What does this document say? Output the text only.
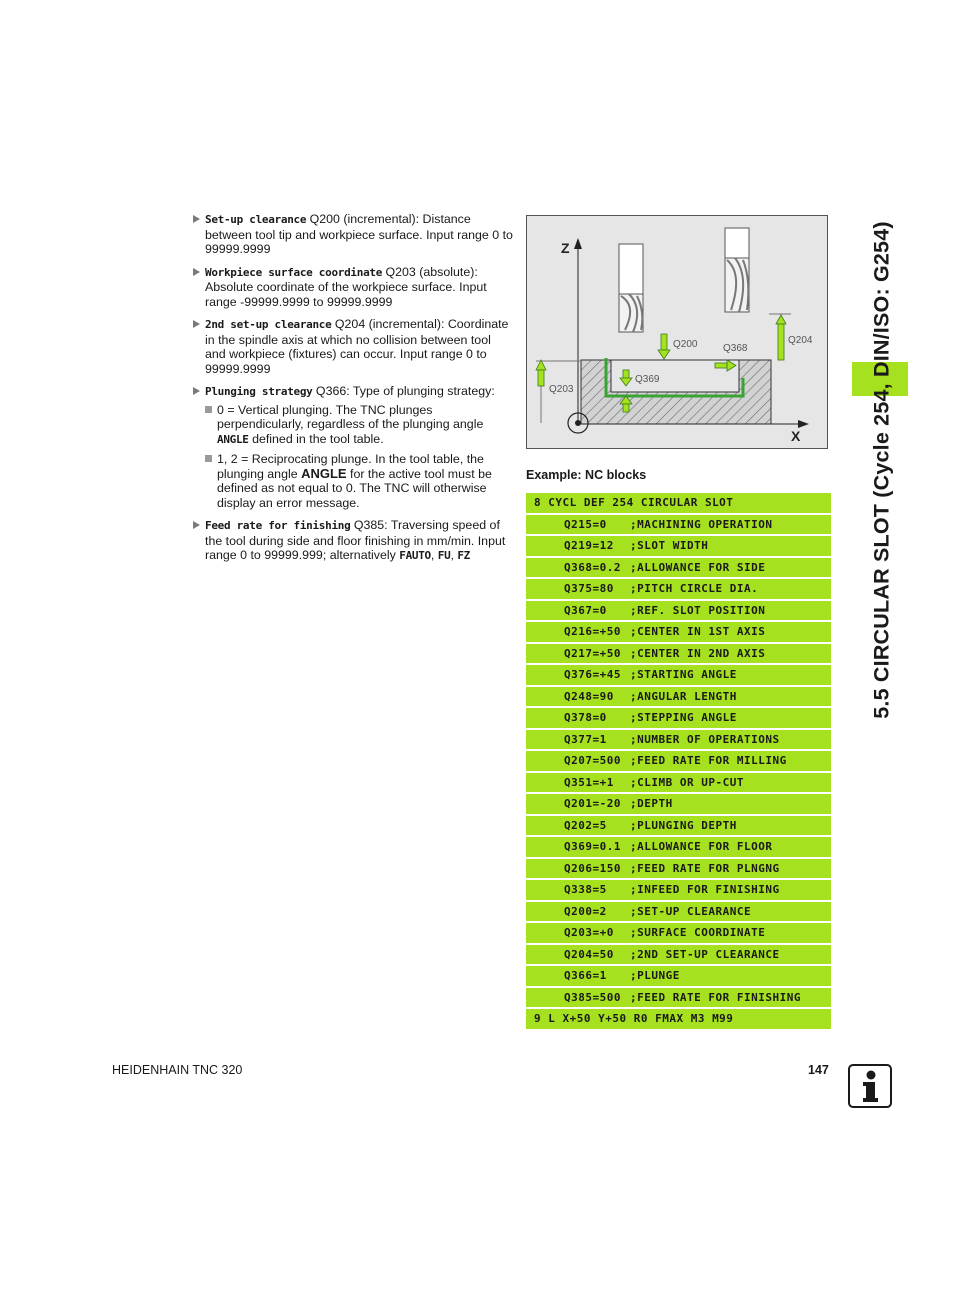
Set-up clearance Q200 (incremental): Distance between tool tip and workpiece surface. Input range 0 to 99999.9999
Workpiece surface coordinate Q203 (absolute): Absolute coordinate of the workpiece surface. Input range -99999.9999 to 99999.9999
2nd set-up clearance Q204 (incremental): Coordinate in the spindle axis at which no collision between tool and workpiece (fixtures) can occur. Input range 0 to 99999.9999
Plunging strategy Q366: Type of plunging strategy:
0 = Vertical plunging. The TNC plunges perpendicularly, regardless of the plunging angle ANGLE defined in the tool table.
1, 2 = Reciprocating plunge. In the tool table, the plunging angle ANGLE for the active tool must be defined as not equal to 0. The TNC will otherwise display an error message.
Feed rate for finishing Q385: Traversing speed of the tool during side and floor finishing in mm/min. Input range 0 to 99999.999; alternatively FAUTO, FU, FZ
Z
X
Q203
Q200	Q368
Q204
Q369
Example: NC blocks
8 CYCL DEF 254 CIRCULAR SLOT
Q215=0 ;MACHINING OPERATION
Q219=12 ;SLOT WIDTH
Q368=0.2 ;ALLOWANCE FOR SIDE
Q375=80 ;PITCH CIRCLE DIA.
Q367=0 ;REF. SLOT POSITION
Q216=+50 ;CENTER IN 1ST AXIS
Q217=+50 ;CENTER IN 2ND AXIS
Q376=+45 ;STARTING ANGLE
Q248=90 ;ANGULAR LENGTH
Q378=0 ;STEPPING ANGLE
Q377=1 ;NUMBER OF OPERATIONS
Q207=500 ;FEED RATE FOR MILLING
Q351=+1 ;CLIMB OR UP-CUT
Q201=-20 ;DEPTH
Q202=5 ;PLUNGING DEPTH
Q369=0.1 ;ALLOWANCE FOR FLOOR
Q206=150 ;FEED RATE FOR PLNGNG
Q338=5 ;INFEED FOR FINISHING
Q200=2 ;SET-UP CLEARANCE
Q203=+0 ;SURFACE COORDINATE
Q204=50 ;2ND SET-UP CLEARANCE
Q366=1 ;PLUNGE
Q385=500 ;FEED RATE FOR FINISHING
9 L X+50 Y+50 R0 FMAX M3 M99
5.5 CIRCULAR SLOT (Cycle 254, DIN/ISO: G254)
HEIDENHAIN TNC 320	147
